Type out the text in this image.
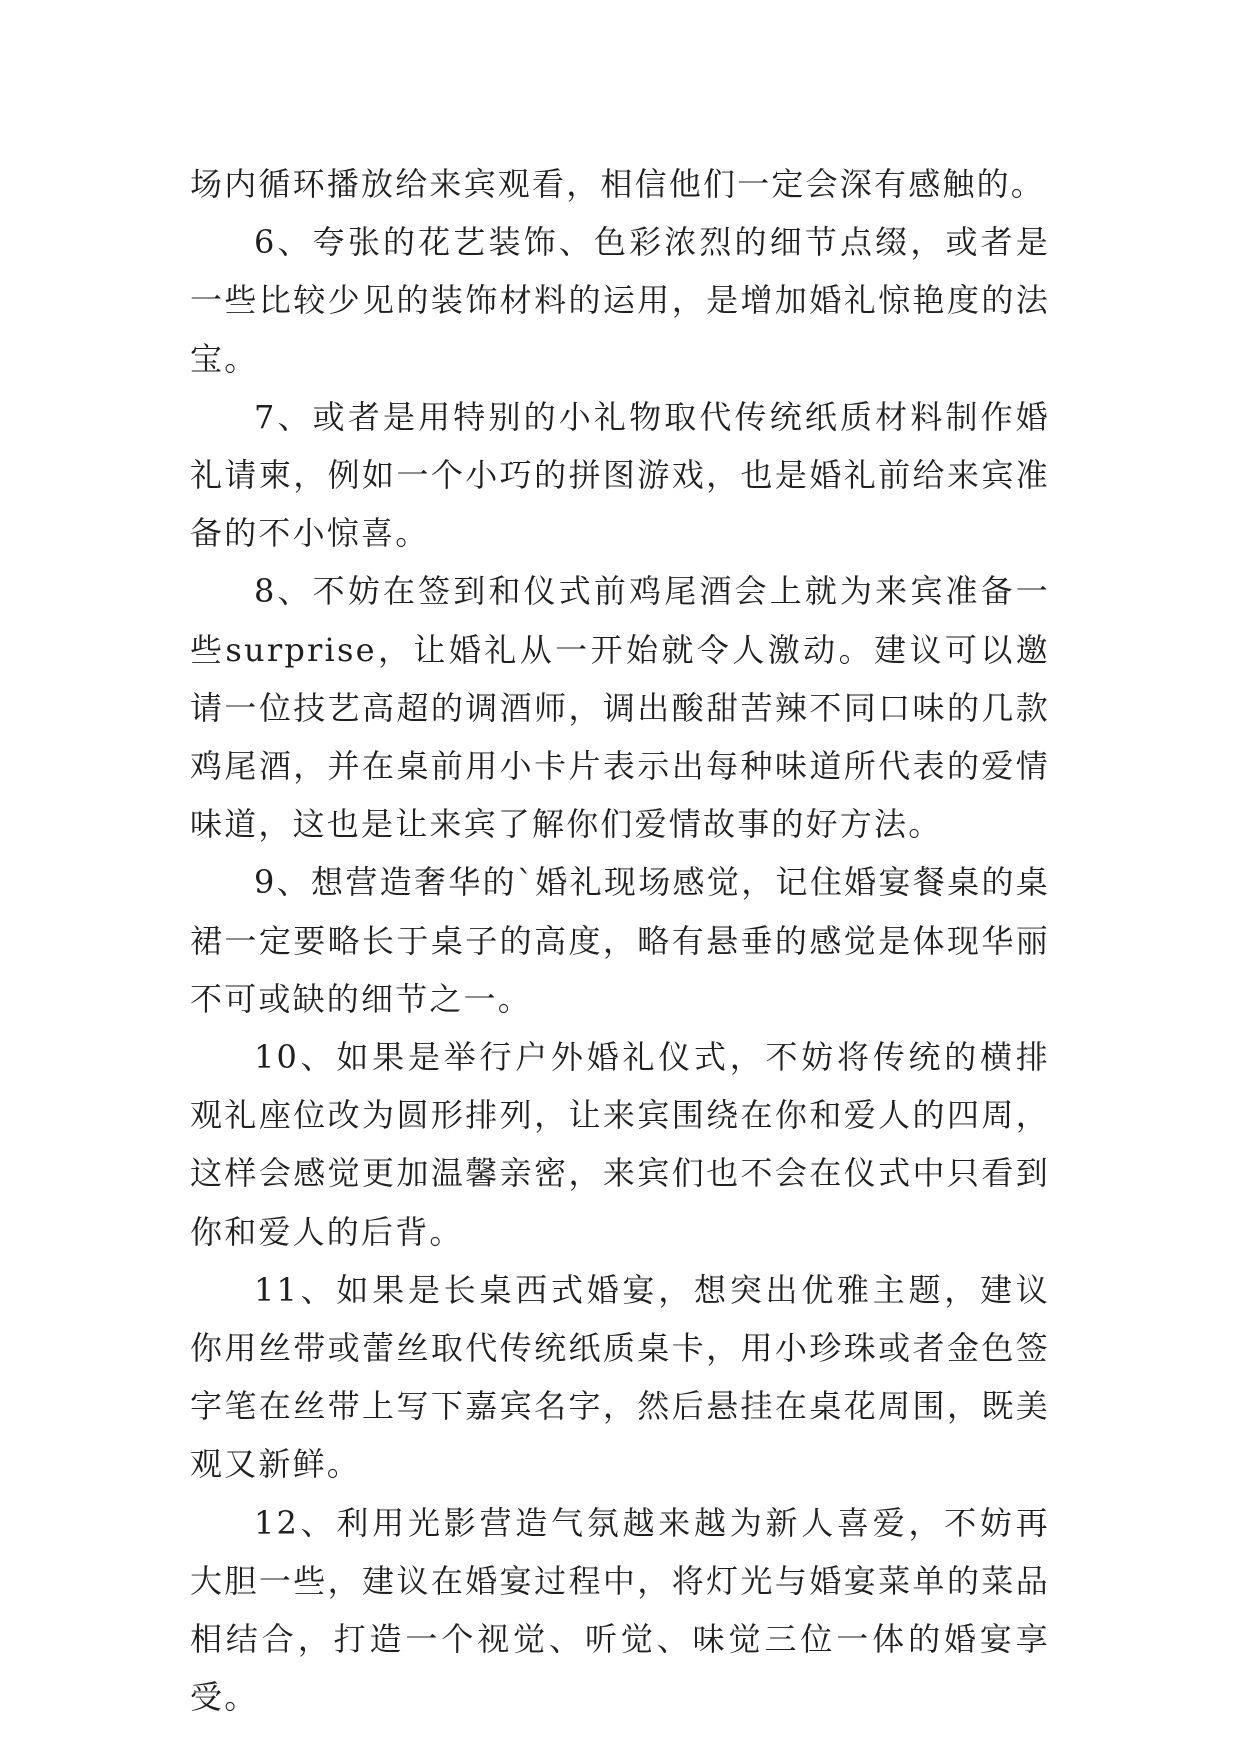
场内循环播放给来宾观看，相信他们一定会深有感触的。

6、夸张的花艺装饰、色彩浓烈的细节点缀，或者是一些比较少见的装饰材料的运用，是增加婚礼惊艳度的法宝。

7、或者是用特别的小礼物取代传统纸质材料制作婚礼请柬，例如一个小巧的拼图游戏，也是婚礼前给来宾准备的不小惊喜。

8、不妨在签到和仪式前鸡尾酒会上就为来宾准备一些surprise，让婚礼从一开始就令人激动。建议可以邀请一位技艺高超的调酒师，调出酸甜苦辣不同口味的几款鸡尾酒，并在桌前用小卡片表示出每种味道所代表的爱情味道，这也是让来宾了解你们爱情故事的好方法。

9、想营造奢华的`婚礼现场感觉，记住婚宴餐桌的桌裙一定要略长于桌子的高度，略有悬垂的感觉是体现华丽不可或缺的细节之一。

10、如果是举行户外婚礼仪式，不妨将传统的横排观礼座位改为圆形排列，让来宾围绕在你和爱人的四周，这样会感觉更加温馨亲密，来宾们也不会在仪式中只看到你和爱人的后背。

11、如果是长桌西式婚宴，想突出优雅主题，建议你用丝带或蕾丝取代传统纸质桌卡，用小珍珠或者金色签字笔在丝带上写下嘉宾名字，然后悬挂在桌花周围，既美观又新鲜。

12、利用光影营造气氛越来越为新人喜爱，不妨再大胆一些，建议在婚宴过程中，将灯光与婚宴菜单的菜品相结合，打造一个视觉、听觉、味觉三位一体的婚宴享受。
